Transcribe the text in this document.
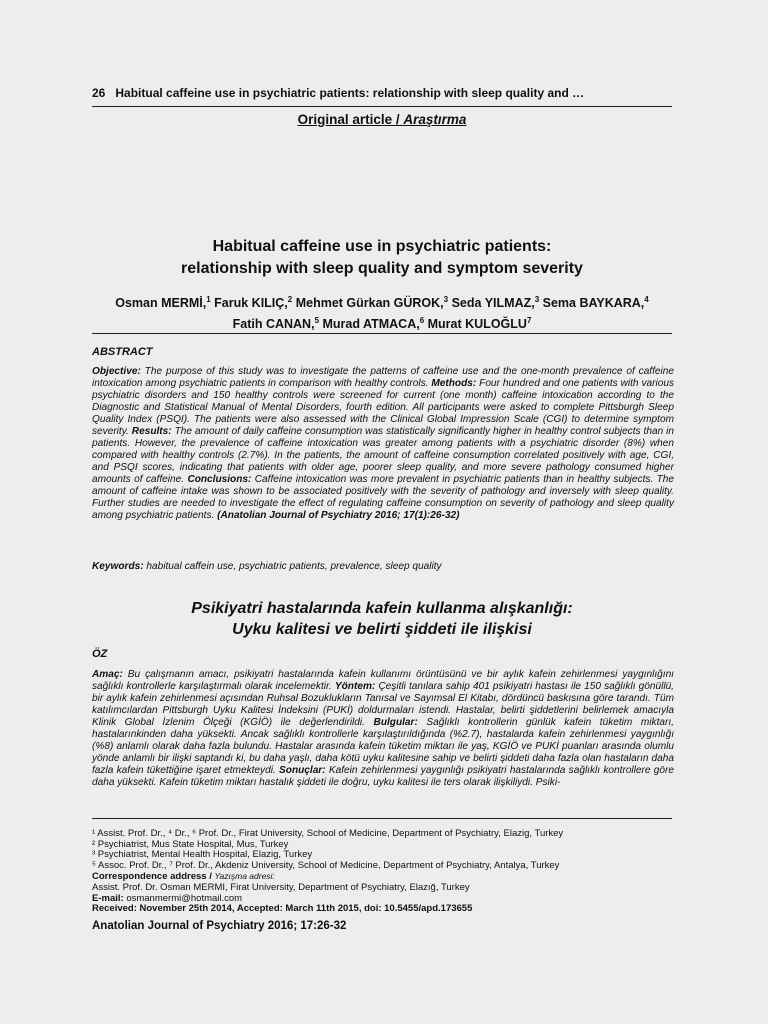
26 Habitual caffeine use in psychiatric patients: relationship with sleep quality and …
Original article / Araştırma
Habitual caffeine use in psychiatric patients:
relationship with sleep quality and symptom severity
Osman MERMİ,$^1$ Faruk KILIÇ,$^2$ Mehmet Gürkan GÜROK,$^3$ Seda YILMAZ,$^3$ Sema BAYKARA,$^4$ Fatih CANAN,$^5$ Murad ATMACA,$^6$ Murat KULOĞLU$^7$
ABSTRACT
Objective: The purpose of this study was to investigate the patterns of caffeine use and the one-month prevalence of caffeine intoxication among psychiatric patients in comparison with healthy controls. Methods: Four hundred and one patients with various psychiatric disorders and 150 healthy controls were screened for current (one month) caffeine intoxication according to the Diagnostic and Statistical Manual of Mental Disorders, fourth edition. All participants were asked to complete Pittsburgh Sleep Quality Index (PSQI). The patients were also assessed with the Clinical Global Impression Scale (CGI) to determine symptom severity. Results: The amount of daily caffeine consumption was statistically significantly higher in healthy control subjects than in patients. However, the prevalence of caffeine intoxication was greater among patients with a psychiatric disorder (8%) when compared with healthy controls (2.7%). In the patients, the amount of caffeine consumption correlated positively with age, CGI, and PSQI scores, indicating that patients with older age, poorer sleep quality, and more severe pathology consumed higher amounts of caffeine. Conclusions: Caffeine intoxication was more prevalent in psychiatric patients than in healthy subjects. The amount of caffeine intake was shown to be associated positively with the severity of pathology and inversely with sleep quality. Further studies are needed to investigate the effect of regulating caffeine consumption on severity of pathology and sleep quality among psychiatric patients. (Anatolian Journal of Psychiatry 2016; 17(1):26-32)
Keywords: habitual caffein use, psychiatric patients, prevalence, sleep quality
Psikiyatri hastalarında kafein kullanma alışkanlığı:
Uyku kalitesi ve belirti şiddeti ile ilişkisi
ÖZ
Amaç: Bu çalışmanın amacı, psikiyatri hastalarında kafein kullanımı örüntüsünü ve bir aylık kafein zehirlenmesi yaygınlığını sağlıklı kontrollerle karşılaştırmalı olarak incelemektir. Yöntem: Çeşitli tanılara sahip 401 psikiyatri hastası ile 150 sağlıklı gönüllü, bir aylık kafein zehirlenmesi açısından Ruhsal Bozuklukların Tanısal ve Sayımsal El Kitabı, dördüncü baskısına göre tarandı. Tüm katılımcılardan Pittsburgh Uyku Kalitesi İndeksini (PUKİ) doldurmaları istendi. Hastalar, belirti şiddetlerini belirlemek amacıyla Klinik Global İzlenim Ölçeği (KGİÖ) ile değerlendirildi. Bulgular: Sağlıklı kontrollerin günlük kafein tüketim miktarı, hastalarınkinden daha yüksekti. Ancak sağlıklı kontrollerle karşılaştırıldığında (%2.7), hastalarda kafein zehirlenmesi yaygınlığı (%8) anlamlı olarak daha fazla bulundu. Hastalar arasında kafein tüketim miktarı ile yaş, KGİÖ ve PUKİ puanları arasında olumlu yönde anlamlı bir ilişki saptandı ki, bu daha yaşlı, daha kötü uyku kalitesine sahip ve belirti şiddeti daha fazla olan hastaların daha fazla kafein tükettiğine işaret etmekteydi. Sonuçlar: Kafein zehirlenmesi yaygınlığı psikiyatri hastalarında sağlıklı kontrollere göre daha yüksekti. Kafein tüketim miktarı hastalık şiddeti ile doğru, uyku kalitesi ile ters olarak ilişkiliydi. Psiki-
¹ Assist. Prof. Dr., ⁴ Dr., ⁶ Prof. Dr., Firat University, School of Medicine, Department of Psychiatry, Elazig, Turkey
² Psychiatrist, Mus State Hospital, Mus, Turkey
³ Psychiatrist, Mental Health Hospital, Elazig, Turkey
⁵ Assoc. Prof. Dr., ⁷ Prof. Dr., Akdeniz University, School of Medicine, Department of Psychiatry, Antalya, Turkey
Correspondence address / Yazışma adresi:
Assist. Prof. Dr. Osman MERMI, Firat University, Department of Psychiatry, Elazığ, Turkey
E-mail: osmanmermi@hotmail.com
Received: November 25th 2014, Accepted: March 11th 2015, doi: 10.5455/apd.173655
Anatolian Journal of Psychiatry 2016; 17:26-32
